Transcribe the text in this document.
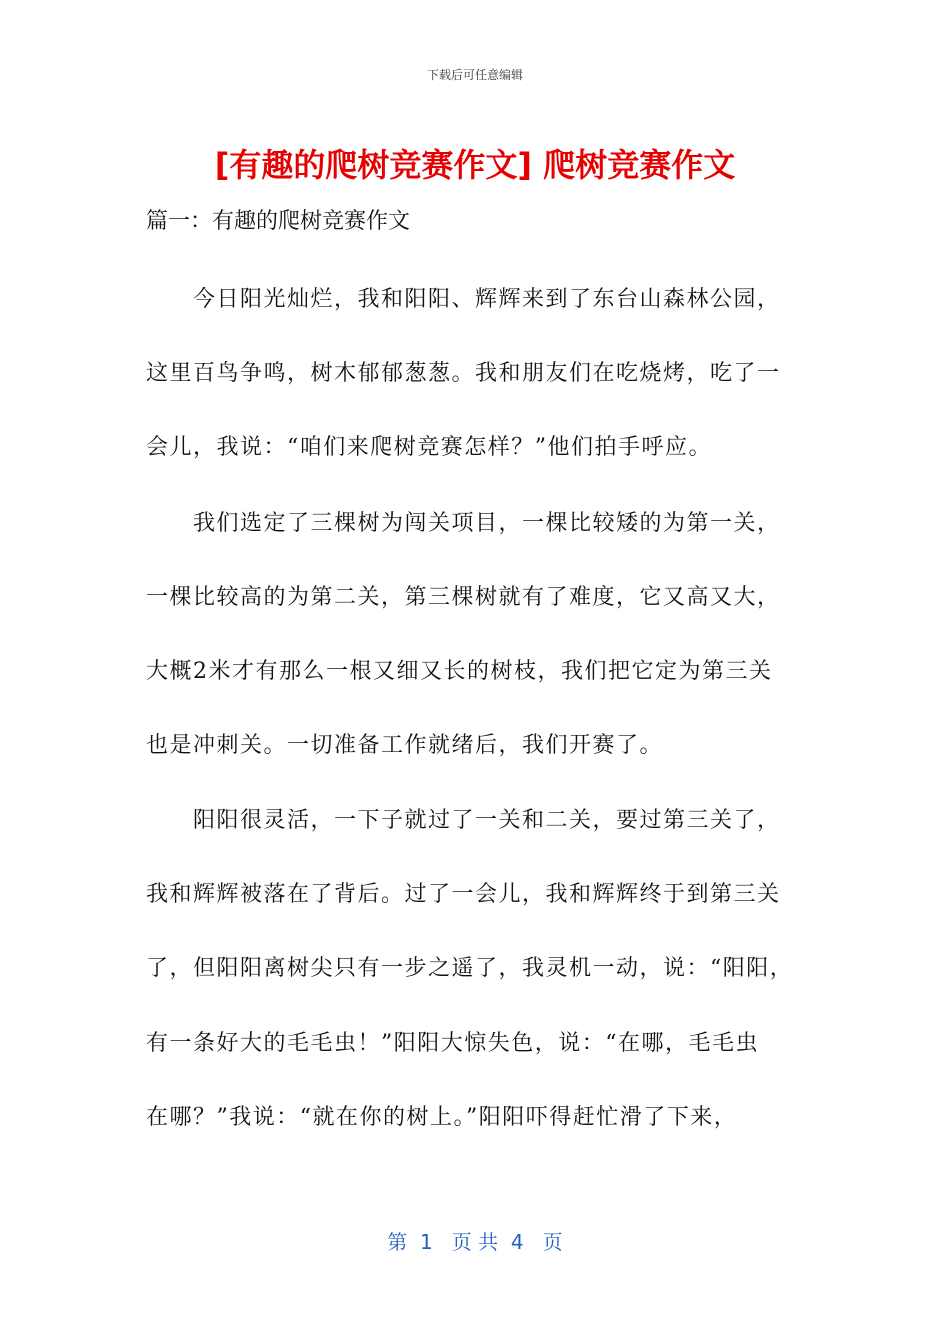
下载后可任意编辑
[有趣的爬树竞赛作文] 爬树竞赛作文
篇一：有趣的爬树竞赛作文
今日阳光灿烂，我和阳阳、辉辉来到了东台山森林公园，
这里百鸟争鸣，树木郁郁葱葱。我和朋友们在吃烧烤，吃了一
会儿，我说：“咱们来爬树竞赛怎样？”他们拍手呼应。
我们选定了三棵树为闯关项目，一棵比较矮的为第一关，
一棵比较高的为第二关，第三棵树就有了难度，它又高又大，
大概2米才有那么一根又细又长的树枝，我们把它定为第三关
也是冲刺关。一切准备工作就绪后，我们开赛了。
阳阳很灵活，一下子就过了一关和二关，要过第三关了，
我和辉辉被落在了背后。过了一会儿，我和辉辉终于到第三关
了，但阳阳离树尖只有一步之遥了，我灵机一动，说：“阳阳，
有一条好大的毛毛虫！”阳阳大惊失色，说：“在哪，毛毛虫
在哪？”我说：“就在你的树上。”阳阳吓得赶忙滑了下来，
第  1   页 共  4   页
